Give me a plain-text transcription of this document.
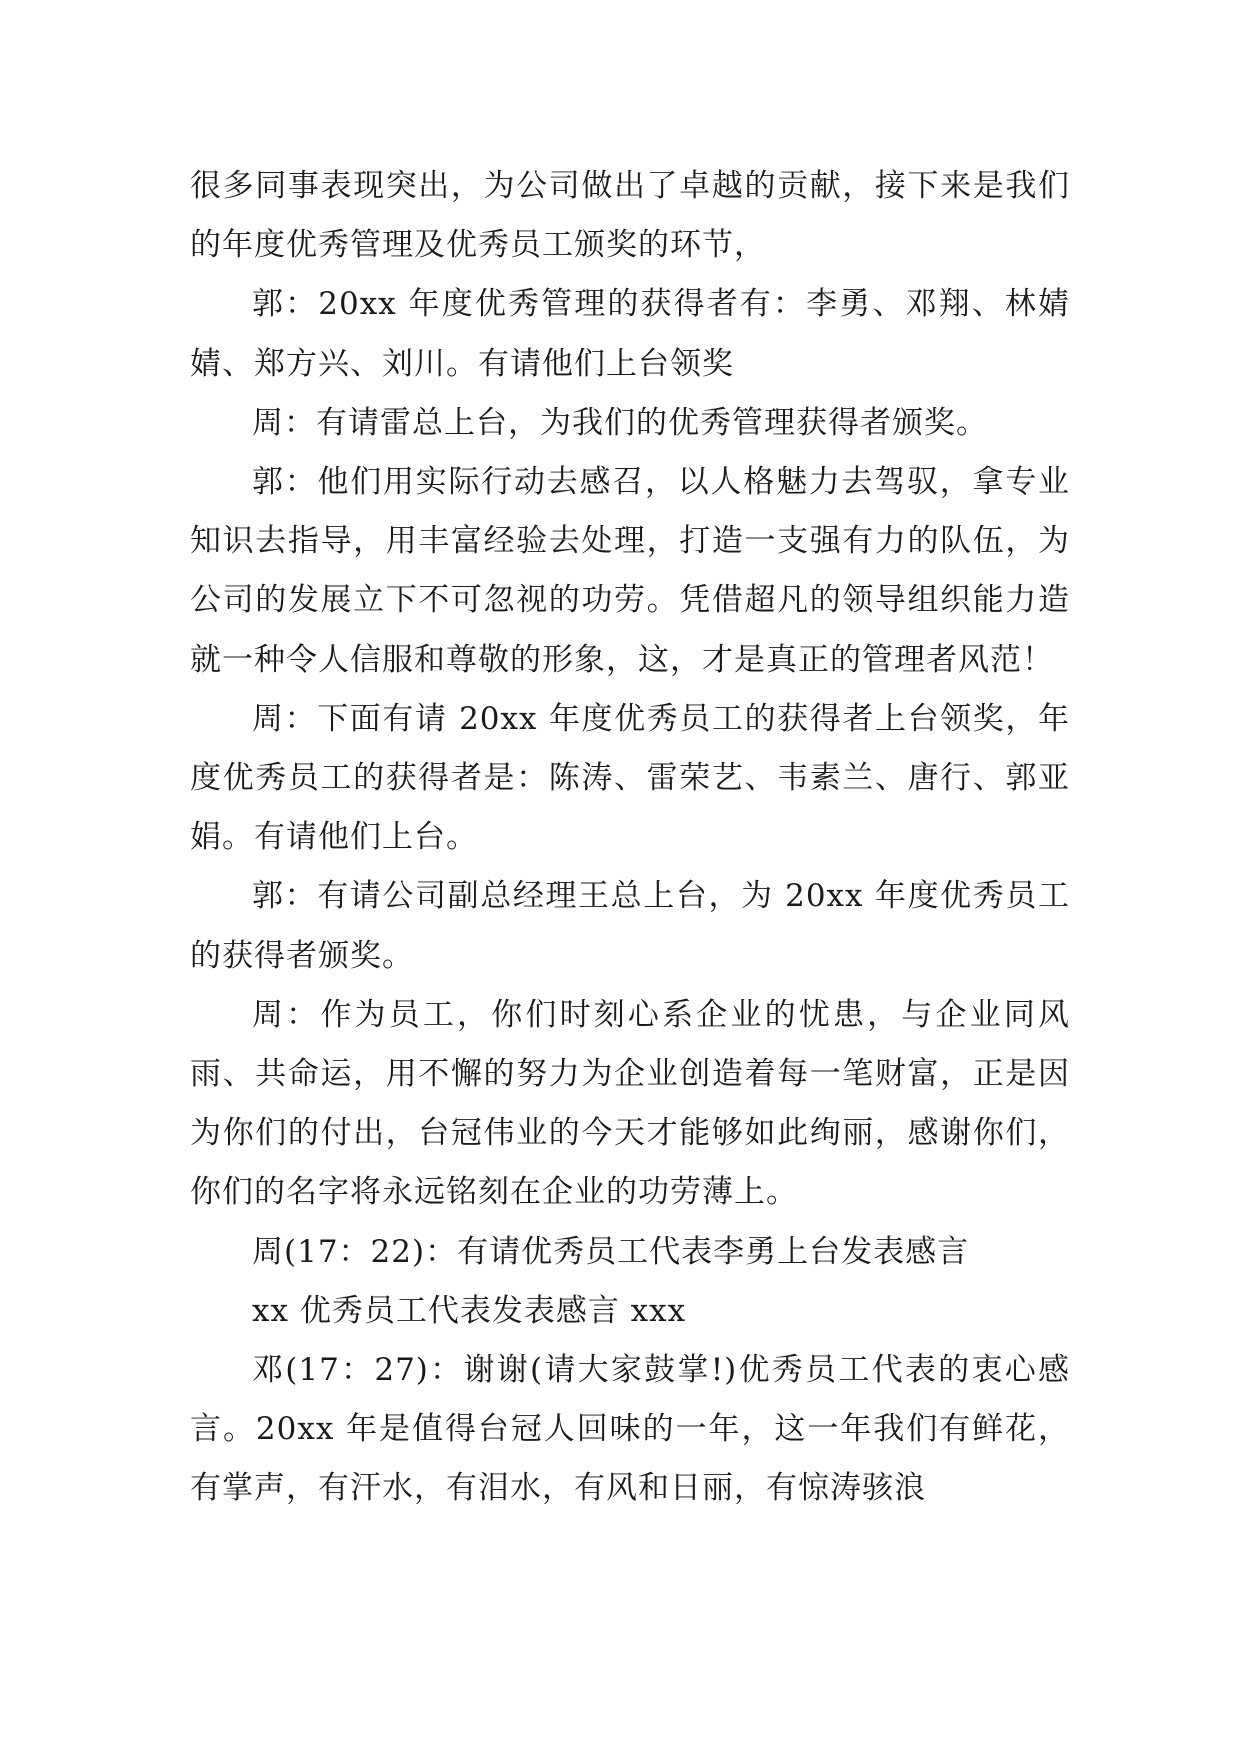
很多同事表现突出，为公司做出了卓越的贡献，接下来是我们的年度优秀管理及优秀员工颁奖的环节，

郭：20xx 年度优秀管理的获得者有：李勇、邓翔、林婧婧、郑方兴、刘川。有请他们上台领奖

周：有请雷总上台，为我们的优秀管理获得者颁奖。

郭：他们用实际行动去感召，以人格魅力去驾驭，拿专业知识去指导，用丰富经验去处理，打造一支强有力的队伍，为公司的发展立下不可忽视的功劳。凭借超凡的领导组织能力造就一种令人信服和尊敬的形象，这，才是真正的管理者风范！

周：下面有请 20xx 年度优秀员工的获得者上台领奖，年度优秀员工的获得者是：陈涛、雷荣艺、韦素兰、唐行、郭亚娟。有请他们上台。

郭：有请公司副总经理王总上台，为 20xx 年度优秀员工的获得者颁奖。

周：作为员工，你们时刻心系企业的忧患，与企业同风雨、共命运，用不懈的努力为企业创造着每一笔财富，正是因为你们的付出，台冠伟业的今天才能够如此绚丽，感谢你们，你们的名字将永远铭刻在企业的功劳薄上。

周(17：22)：有请优秀员工代表李勇上台发表感言

xx 优秀员工代表发表感言 xxx

邓(17：27)：谢谢(请大家鼓掌!)优秀员工代表的衷心感言。20xx 年是值得台冠人回味的一年，这一年我们有鲜花，有掌声，有汗水，有泪水，有风和日丽，有惊涛骇浪
